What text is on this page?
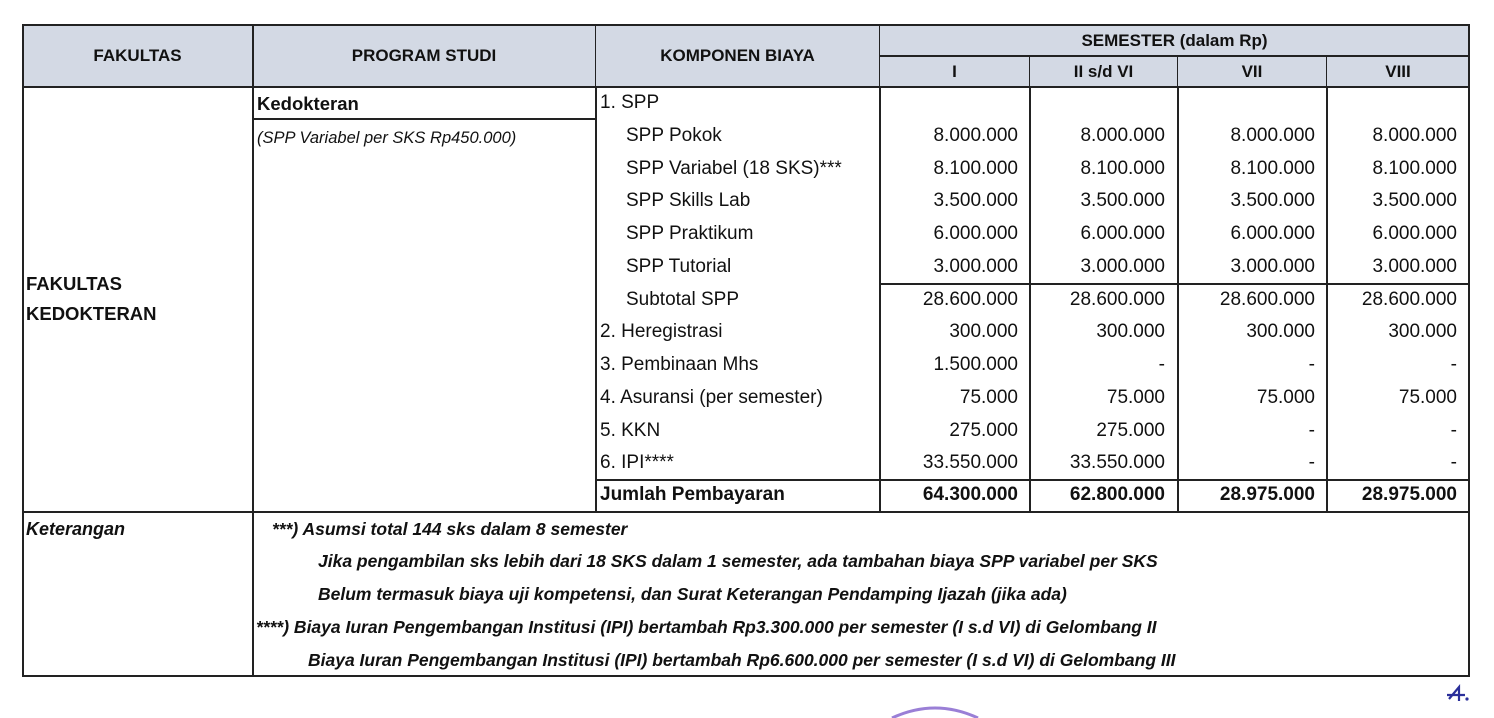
FAKULTAS	PROGRAM STUDI	KOMPONEN BIAYA
SEMESTER (dalam Rp)
I	II s/d VI	VII	VIII
FAKULTAS
KEDOKTERAN
Kedokteran
(SPP Variabel per SKS Rp450.000)
1. SPP
SPP Pokok	8.000.000	8.000.000	8.000.000	8.000.000
SPP Variabel (18 SKS)***	8.100.000	8.100.000	8.100.000	8.100.000
SPP Skills Lab	3.500.000	3.500.000	3.500.000	3.500.000
SPP Praktikum	6.000.000	6.000.000	6.000.000	6.000.000
SPP Tutorial	3.000.000	3.000.000	3.000.000	3.000.000
Subtotal SPP	28.600.000	28.600.000	28.600.000	28.600.000
2. Heregistrasi	300.000	300.000	300.000	300.000
3. Pembinaan Mhs	1.500.000	-	-	-
4. Asuransi (per semester)	75.000	75.000	75.000	75.000
5. KKN	275.000	275.000	-	-
6. IPI****	33.550.000	33.550.000	-	-
Jumlah Pembayaran	64.300.000	62.800.000	28.975.000	28.975.000
Keterangan	***) Asumsi total 144 sks dalam 8 semester
Jika pengambilan sks lebih dari 18 SKS dalam 1 semester, ada tambahan biaya SPP variabel per SKS
Belum termasuk biaya uji kompetensi, dan Surat Keterangan Pendamping Ijazah (jika ada)
****) Biaya Iuran Pengembangan Institusi (IPI) bertambah Rp3.300.000 per semester (I s.d VI) di Gelombang II
Biaya Iuran Pengembangan Institusi (IPI) bertambah Rp6.600.000 per semester (I s.d VI) di Gelombang III
